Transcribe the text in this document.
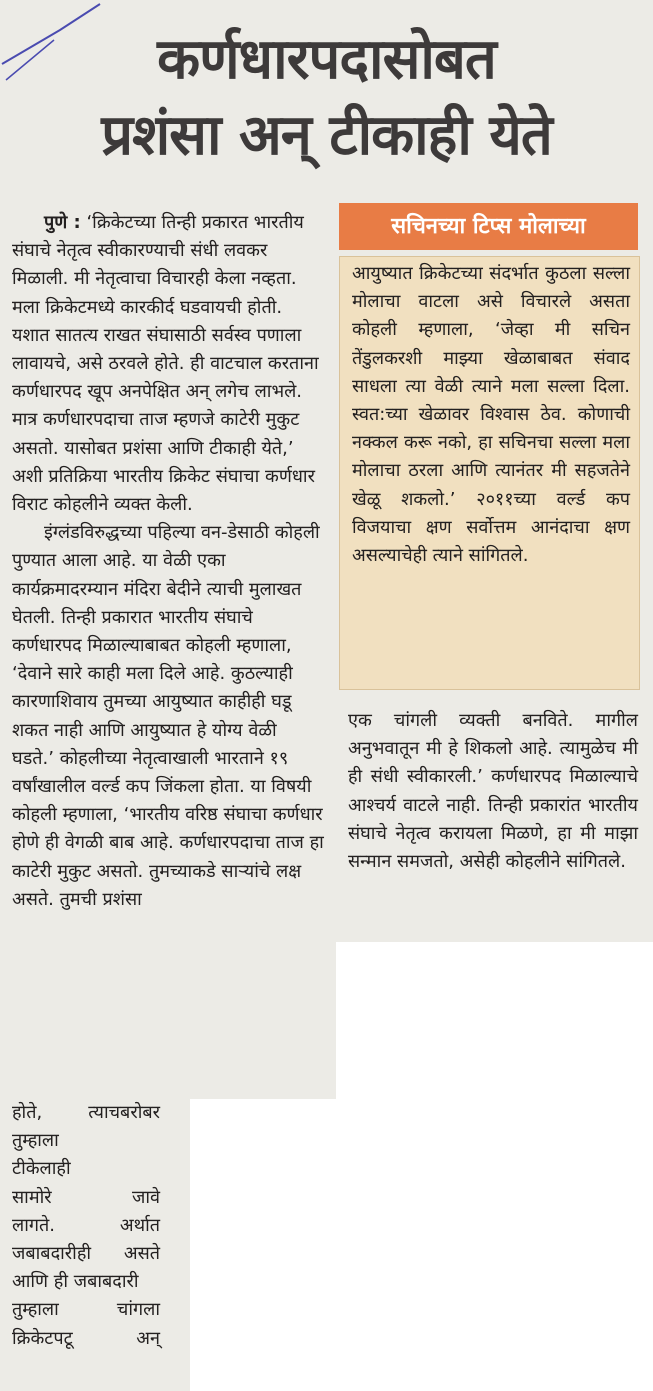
कर्णधारपदासोबत
प्रशंसा अन् टीकाही येते

पुणे : ‘क्रिकेटच्या तिन्ही प्रकारत भारतीय संघाचे नेतृत्व स्वीकारण्याची संधी लवकर मिळाली. मी नेतृत्वाचा विचारही केला नव्हता. मला क्रिकेटमध्ये कारकीर्द घडवायची होती. यशात सातत्य राखत संघासाठी सर्वस्व पणाला लावायचे, असे ठरवले होते. ही वाटचाल करताना कर्णधारपद खूप अनपेक्षित अन् लगेच लाभले. मात्र कर्णधारपदाचा ताज म्हणजे काटेरी मुकुट असतो. यासोबत प्रशंसा आणि टीकाही येते,’ अशी प्रतिक्रिया भारतीय क्रिकेट संघाचा कर्णधार विराट कोहलीने व्यक्त केली.

इंग्लंडविरुद्धच्या पहिल्या वन-डेसाठी कोहली पुण्यात आला आहे. या वेळी एका कार्यक्रमादरम्यान मंदिरा बेदीने त्याची मुलाखत घेतली. तिन्ही प्रकारात भारतीय संघाचे कर्णधारपद मिळाल्याबाबत कोहली म्हणाला, ‘देवाने सारे काही मला दिले आहे. कुठल्याही कारणाशिवाय तुमच्या आयुष्यात काहीही घडू शकत नाही आणि आयुष्यात हे योग्य वेळी घडते.’ कोहलीच्या नेतृत्वाखाली भारताने १९ वर्षांखालील वर्ल्ड कप जिंकला होता. या विषयी कोहली म्हणाला, ‘भारतीय वरिष्ठ संघाचा कर्णधार होणे ही वेगळी बाब आहे. कर्णधारपदाचा ताज हा काटेरी मुकुट असतो. तुमच्याकडे साऱ्यांचे लक्ष असते. तुमची प्रशंसा

होते,	त्याचबरोबर
तुम्हाला
टीकेलाही
सामोरे	जावे
लागते.	अर्थात
जबाबदारीही असते
आणि ही जबाबदारी
तुम्हाला	चांगला
क्रिकेटपटू	अन्
सचिनच्या टिप्स मोलाच्या

आयुष्यात क्रिकेटच्या संदर्भात कुठला सल्ला मोलाचा वाटला असे विचारले असता कोहली म्हणाला, ‘जेव्हा मी सचिन तेंडुलकरशी माझ्या खेळाबाबत संवाद साधला त्या वेळी त्याने मला सल्ला दिला. स्वत:च्या खेळावर विश्‍वास ठेव. कोणाची नक्कल करू नको, हा सचिनचा सल्ला मला मोलाचा ठरला आणि त्यानंतर मी सहजतेने खेळू शकलो.’ २०११च्या वर्ल्ड कप विजयाचा क्षण सर्वोत्तम आनंदाचा क्षण असल्याचेही त्याने सांगितले.

एक चांगली व्यक्ती बनविते. मागील अनुभवातून मी हे शिकलो आहे. त्यामुळेच मी ही संधी स्वीकारली.’ कर्णधारपद मिळाल्याचे आश्‍चर्य वाटले नाही. तिन्ही प्रकारांत भारतीय संघाचे नेतृत्व करायला मिळणे, हा मी माझा सन्मान समजतो, असेही कोहलीने सांगितले.
